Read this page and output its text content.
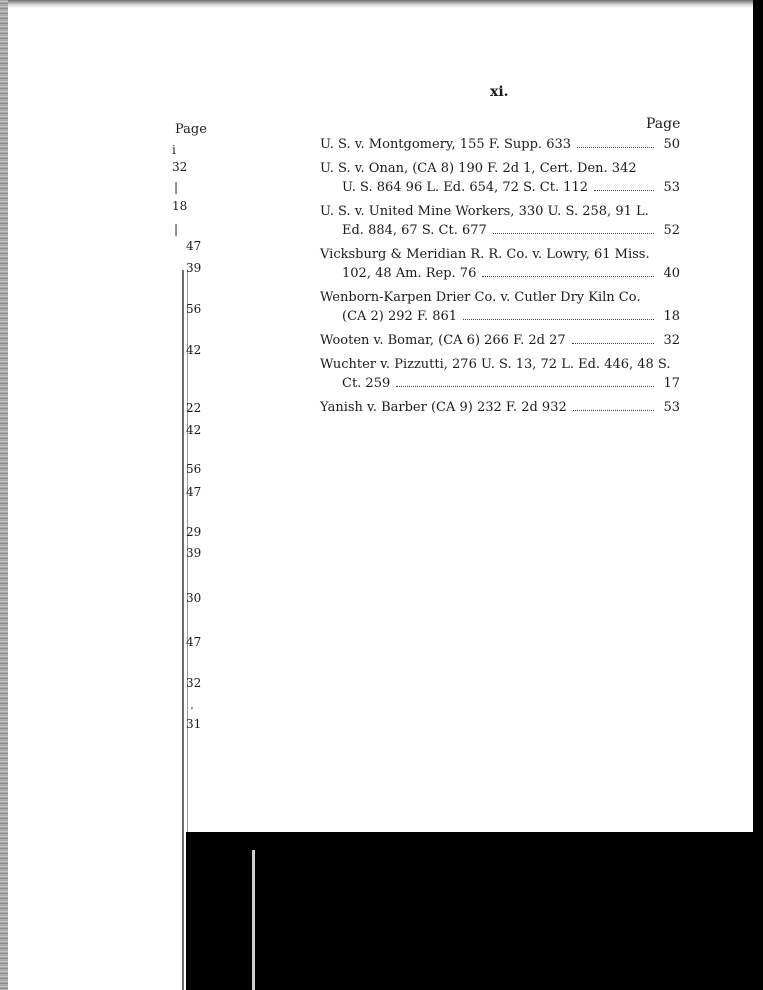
Page
i
32
|
18
|
47
39
56
42
22
42
56
47
29
39
30
47
32
.
31
xi.
Page
U. S. v. Montgomery, 155 F. Supp. 633	50
U. S. v. Onan, (CA 8) 190 F. 2d 1, Cert. Den. 342
U. S. 864 96 L. Ed. 654, 72 S. Ct. 112	53
U. S. v. United Mine Workers, 330 U. S. 258, 91 L.
Ed. 884, 67 S. Ct. 677	52
Vicksburg & Meridian R. R. Co. v. Lowry, 61 Miss.
102, 48 Am. Rep. 76	40
Wenborn-Karpen Drier Co. v. Cutler Dry Kiln Co.
(CA 2) 292 F. 861	18
Wooten v. Bomar, (CA 6) 266 F. 2d 27	32
Wuchter v. Pizzutti, 276 U. S. 13, 72 L. Ed. 446, 48 S.
Ct. 259	17
Yanish v. Barber (CA 9) 232 F. 2d 932	53
